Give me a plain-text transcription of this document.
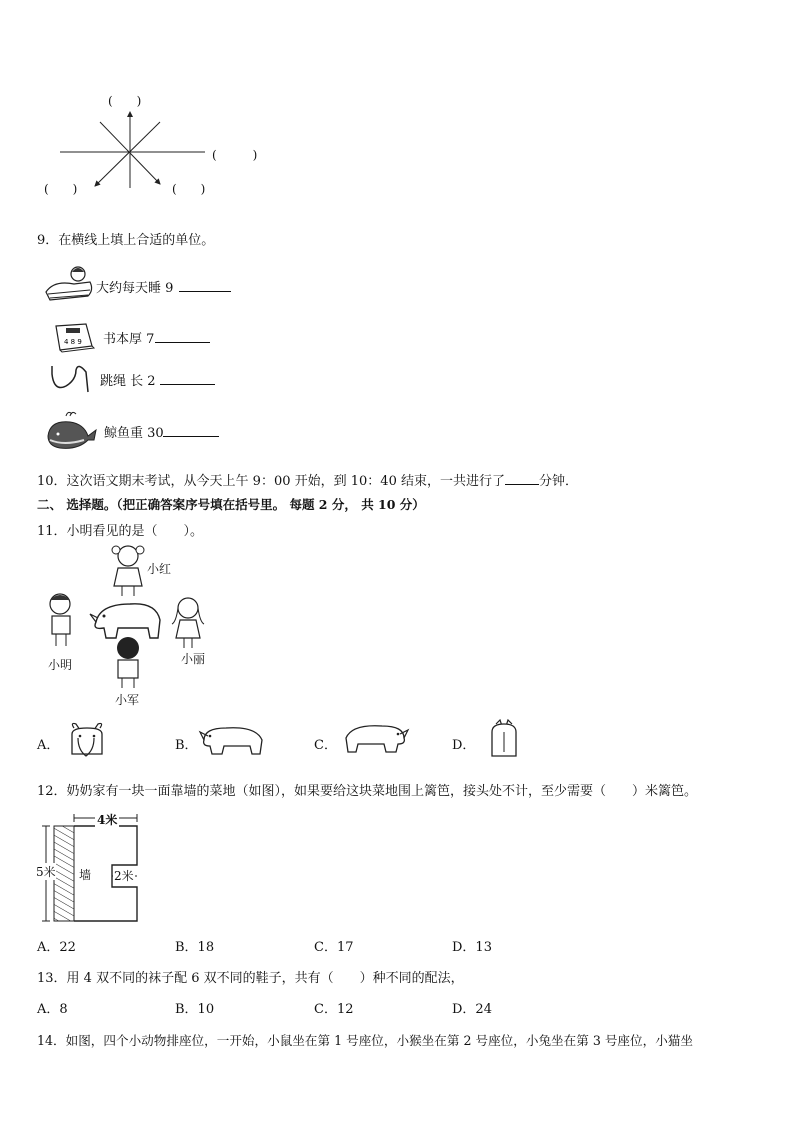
(　　)
(　　　)
(　　)	(　　)
9．在横线上填上合适的单位。
大约每天睡 9
4 8 9 书本厚 7
跳绳 长 2
鲸鱼重 30
10．这次语文期末考试，从今天上午 9：00 开始，到 10：40 结束，一共进行了	分钟．
二、 选择题。（把正确答案序号填在括号里。 每题 2 分， 共 10 分）
11．小明看见的是（　　）。
小红
小明	小丽
小军
A．	B．	C．	D．
12．奶奶家有一块一面靠墙的菜地（如图），如果要给这块菜地围上篱笆，接头处不计，至少需要（　　）米篱笆。
4米
5米	2米
墙
A．22	B．18	C．17	D．13
13．用 4 双不同的袜子配 6 双不同的鞋子，共有（　　）种不同的配法，
A．8	B．10	C．12	D．24
14．如图，四个小动物排座位，一开始，小鼠坐在第 1 号座位，小猴坐在第 2 号座位，小兔坐在第 3 号座位，小猫坐
